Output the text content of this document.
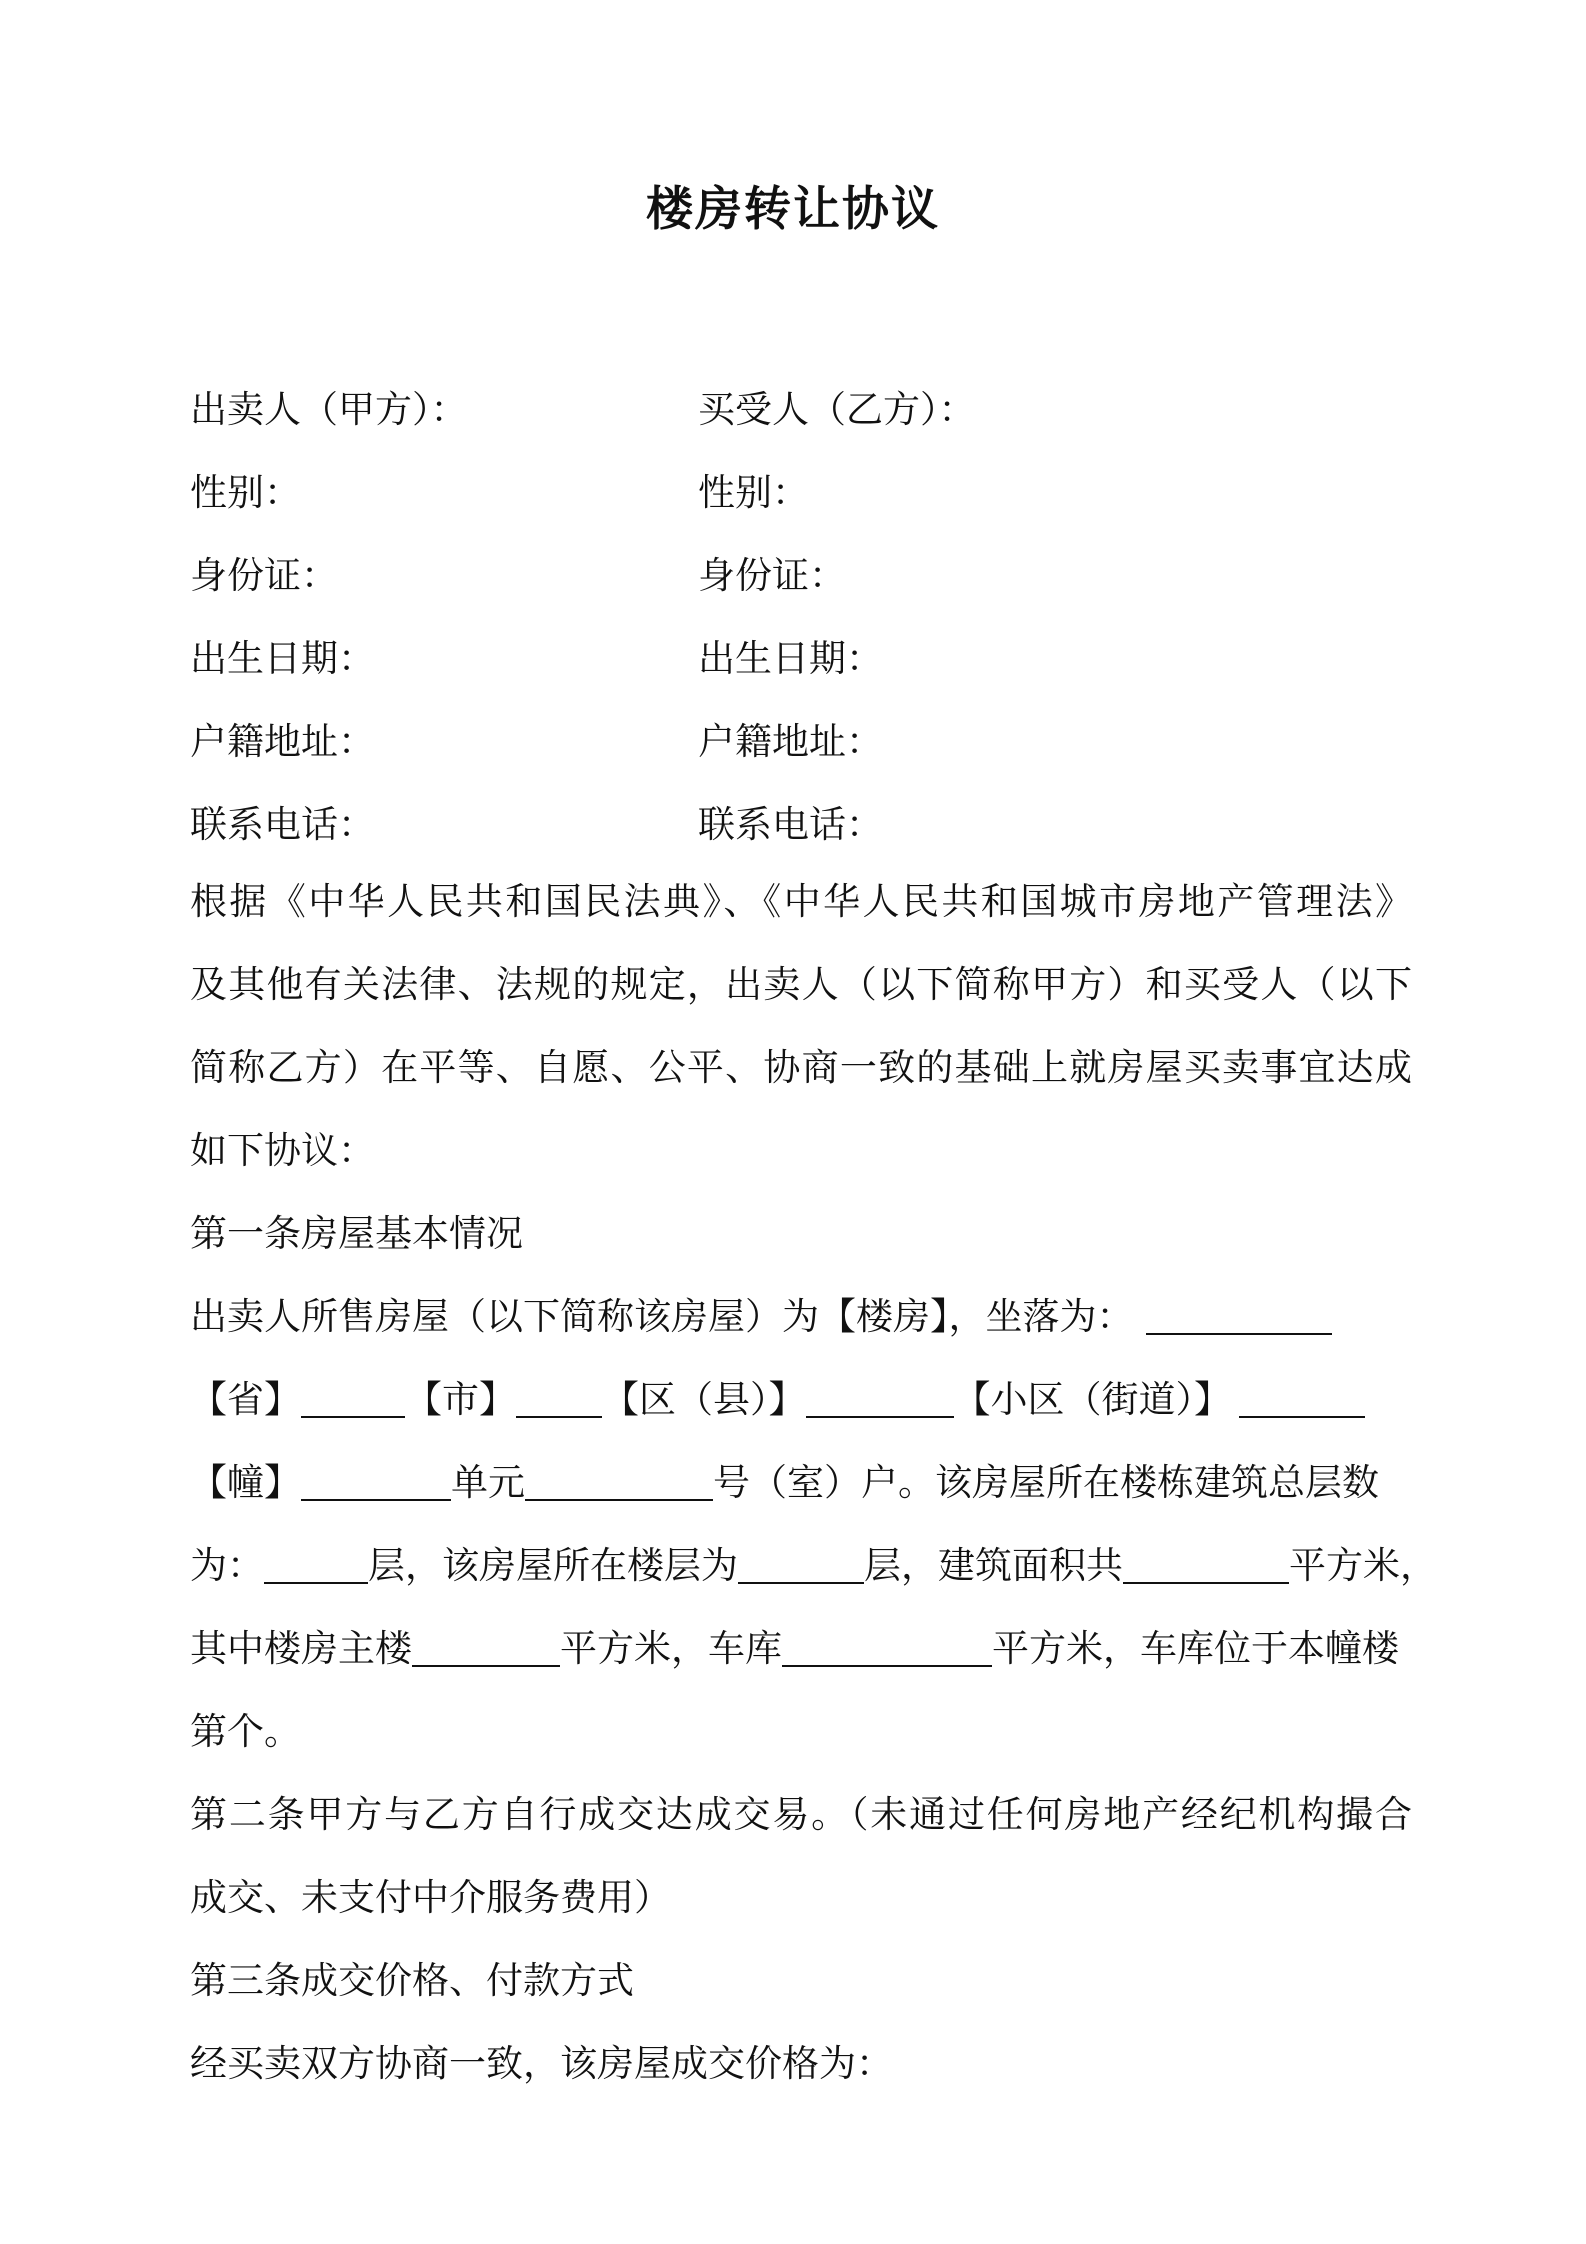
楼房转让协议
出卖人（甲方）：	买受人（乙方）：
性别：	性别：
身份证：	身份证：
出生日期：	出生日期：
户籍地址：	户籍地址：
联系电话：	联系电话：
根据《中华人民共和国民法典》、《中华人民共和国城市房地产管理法》
及其他有关法律、法规的规定，出卖人（以下简称甲方）和买受人（以下
简称乙方）在平等、自愿、公平、协商一致的基础上就房屋买卖事宜达成
如下协议：
第一条房屋基本情况
出卖人所售房屋（以下简称该房屋）为【楼房】，坐落为：
【省】	【市】 【区（县）】	【小区（街道）】
【幢】	单元	号（室）户。该房屋所在楼栋建筑总层数
为：	层，该房屋所在楼层为	层，建筑面积共	平方米，
其中楼房主楼	平方米，车库	平方米，车库位于本幢楼
第个。
第二条甲方与乙方自行成交达成交易。（未通过任何房地产经纪机构撮合
成交、未支付中介服务费用）
第三条成交价格、付款方式
经买卖双方协商一致，该房屋成交价格为：
